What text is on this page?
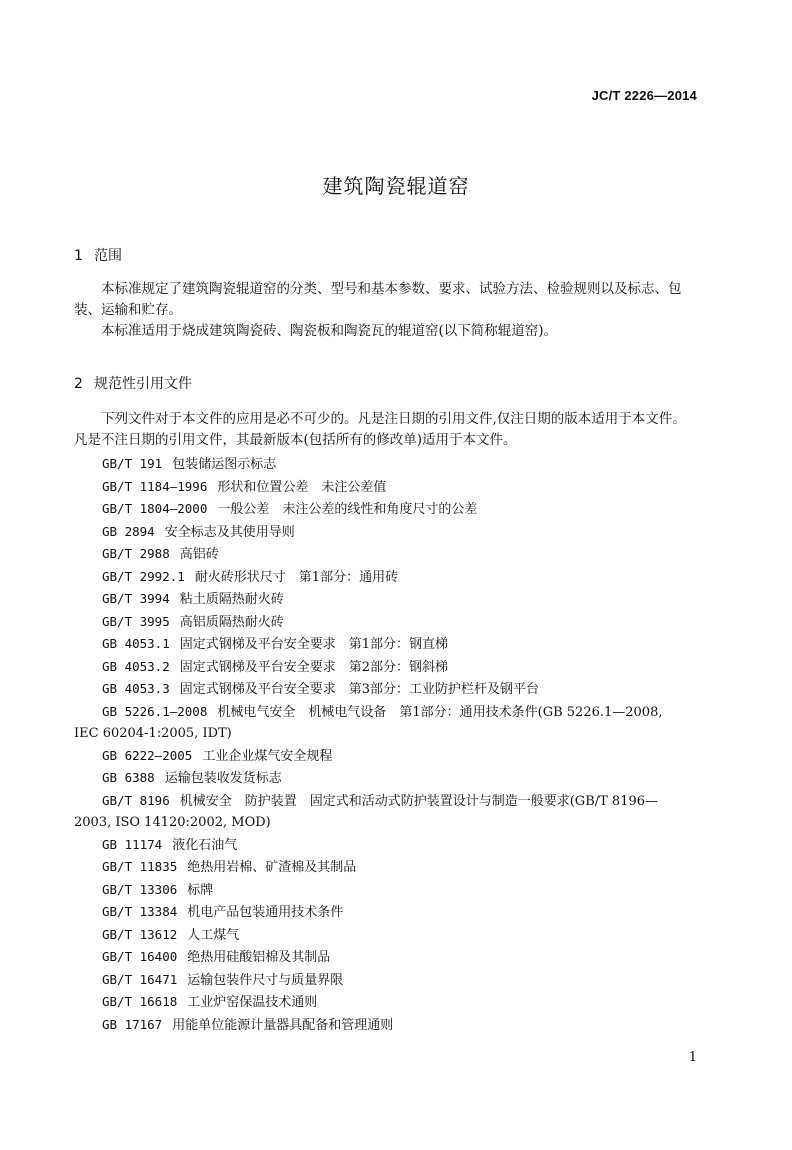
JC/T 2226—2014
建筑陶瓷辊道窑
1 范围
本标准规定了建筑陶瓷辊道窑的分类、型号和基本参数、要求、试验方法、检验规则以及标志、包
装、运输和贮存。
本标准适用于烧成建筑陶瓷砖、陶瓷板和陶瓷瓦的辊道窑(以下简称辊道窑)。
2 规范性引用文件
下列文件对于本文件的应用是必不可少的。凡是注日期的引用文件,仅注日期的版本适用于本文件。
凡是不注日期的引用文件，其最新版本(包括所有的修改单)适用于本文件。
GB/T 191 包装储运图示标志
GB/T 1184—1996 形状和位置公差　未注公差值
GB/T 1804—2000 一般公差　未注公差的线性和角度尺寸的公差
GB 2894 安全标志及其使用导则
GB/T 2988 高铝砖
GB/T 2992.1 耐火砖形状尺寸　第1部分：通用砖
GB/T 3994 粘土质隔热耐火砖
GB/T 3995 高铝质隔热耐火砖
GB 4053.1 固定式钢梯及平台安全要求　第1部分：钢直梯
GB 4053.2 固定式钢梯及平台安全要求　第2部分：钢斜梯
GB 4053.3 固定式钢梯及平台安全要求　第3部分：工业防护栏杆及钢平台
GB 5226.1—2008 机械电气安全　机械电气设备　第1部分：通用技术条件(GB 5226.1—2008,
IEC 60204-1:2005, IDT)
GB 6222—2005 工业企业煤气安全规程
GB 6388 运输包装收发货标志
GB/T 8196 机械安全　防护装置　固定式和活动式防护装置设计与制造一般要求(GB/T 8196—
2003, ISO 14120:2002, MOD)
GB 11174 液化石油气
GB/T 11835 绝热用岩棉、矿渣棉及其制品
GB/T 13306 标牌
GB/T 13384 机电产品包装通用技术条件
GB/T 13612 人工煤气
GB/T 16400 绝热用硅酸铝棉及其制品
GB/T 16471 运输包装件尺寸与质量界限
GB/T 16618 工业炉窑保温技术通则
GB 17167 用能单位能源计量器具配备和管理通则
1
